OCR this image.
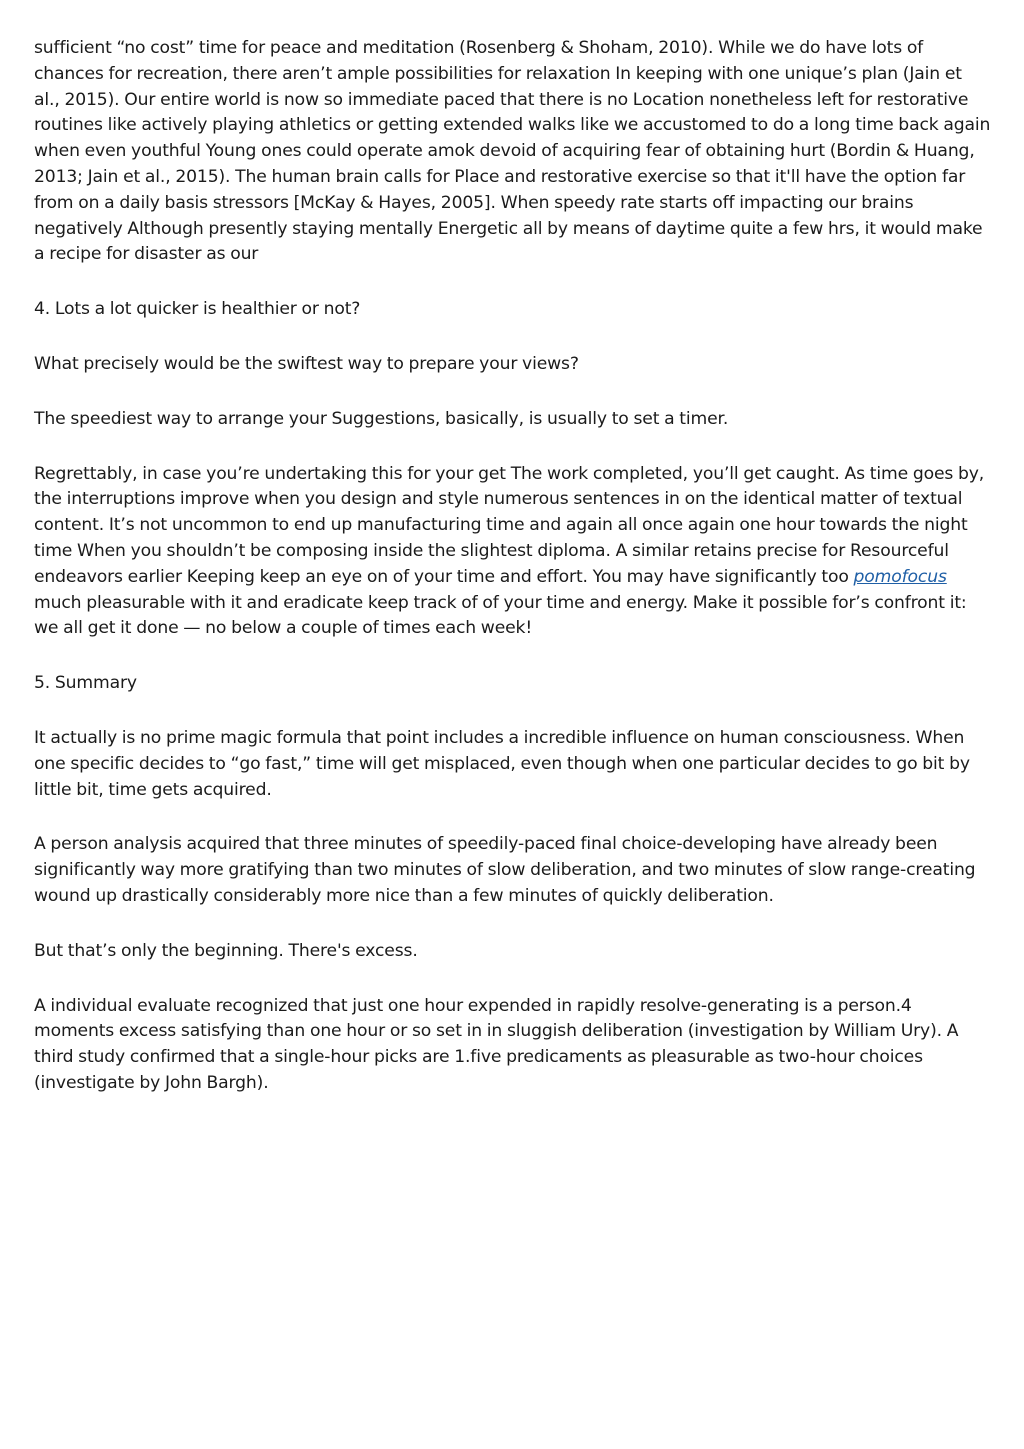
sufficient “no cost” time for peace and meditation (Rosenberg & Shoham, 2010). While we do have lots of chances for recreation, there aren’t ample possibilities for relaxation In keeping with one unique’s plan (Jain et al., 2015). Our entire world is now so immediate paced that there is no Location nonetheless left for restorative routines like actively playing athletics or getting extended walks like we accustomed to do a long time back again when even youthful Young ones could operate amok devoid of acquiring fear of obtaining hurt (Bordin & Huang, 2013; Jain et al., 2015). The human brain calls for Place and restorative exercise so that it'll have the option far from on a daily basis stressors [McKay & Hayes, 2005]. When speedy rate starts off impacting our brains negatively Although presently staying mentally Energetic all by means of daytime quite a few hrs, it would make a recipe for disaster as our

4. Lots a lot quicker is healthier or not?

What precisely would be the swiftest way to prepare your views?

The speediest way to arrange your Suggestions, basically, is usually to set a timer.

Regrettably, in case you’re undertaking this for your get The work completed, you’ll get caught. As time goes by, the interruptions improve when you design and style numerous sentences in on the identical matter of textual content. It’s not uncommon to end up manufacturing time and again all once again one hour towards the night time When you shouldn’t be composing inside the slightest diploma. A similar retains precise for Resourceful endeavors earlier Keeping keep an eye on of your time and effort. You may have significantly too pomofocus much pleasurable with it and eradicate keep track of of your time and energy. Make it possible for’s confront it: we all get it done — no below a couple of times each week!

5. Summary

It actually is no prime magic formula that point includes a incredible influence on human consciousness. When one specific decides to “go fast,” time will get misplaced, even though when one particular decides to go bit by little bit, time gets acquired.

A person analysis acquired that three minutes of speedily-paced final choice-developing have already been significantly way more gratifying than two minutes of slow deliberation, and two minutes of slow range-creating wound up drastically considerably more nice than a few minutes of quickly deliberation.

But that’s only the beginning. There's excess.

A individual evaluate recognized that just one hour expended in rapidly resolve-generating is a person.4 moments excess satisfying than one hour or so set in in sluggish deliberation (investigation by William Ury). A third study confirmed that a single-hour picks are 1.five predicaments as pleasurable as two-hour choices (investigate by John Bargh).
